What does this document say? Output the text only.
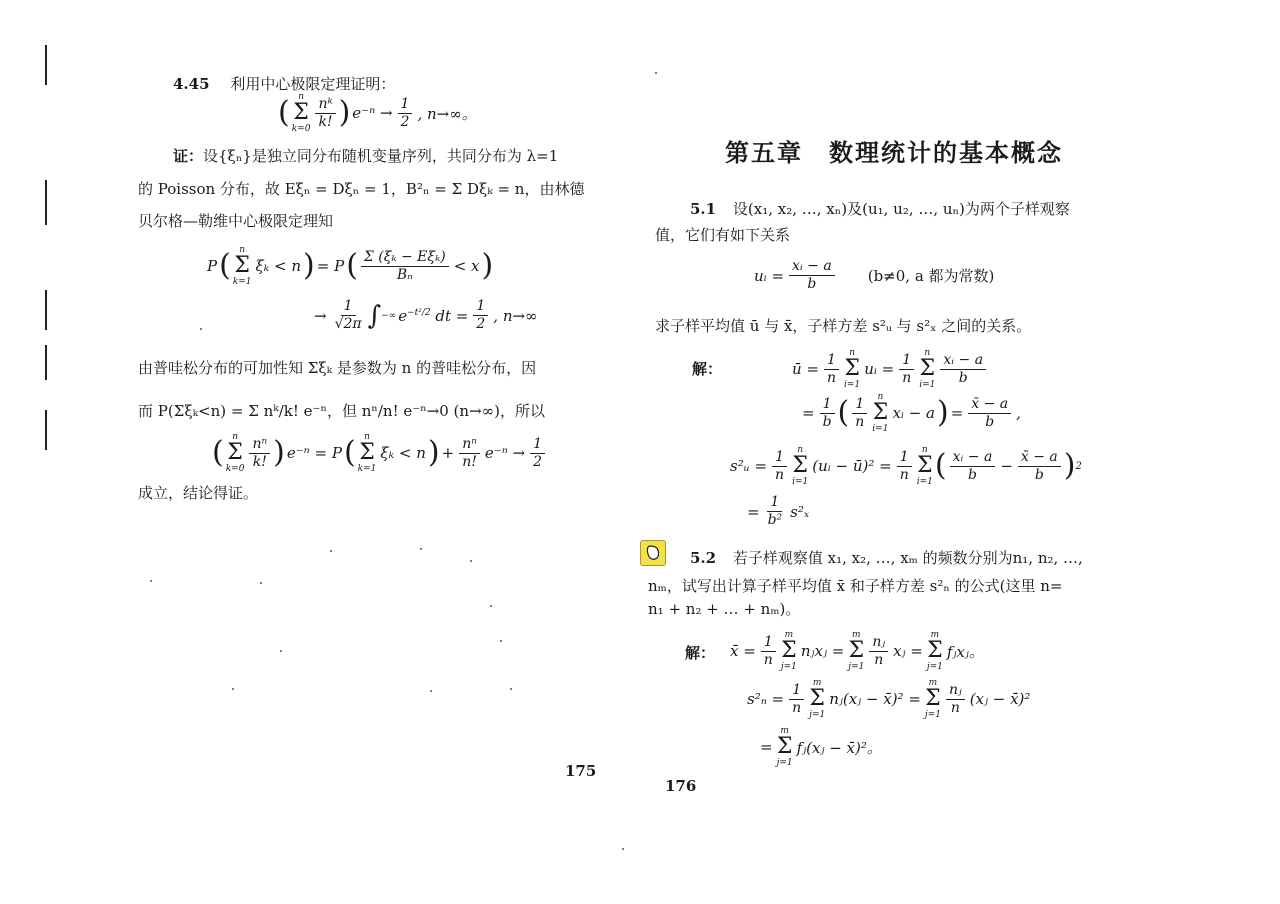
4.45 利用中心极限定理证明：
( n
Σ
$k=0 \frac{\text{nᵏ}}{k!}$ ) $e^{-n} \to \frac{1}{2}$ , n→∞。
证：设{ξₙ}是独立同分布随机变量序列，共同分布为 λ=1
的 Poisson 分布，故 Eξₙ = Dξₙ = 1，B²ₙ = Σ Dξₖ = n，由林德
贝尔格—勒维中心极限定理知
P ( n
Σ
k=1
ξₖ < n ) = P ( $\frac{\text{Σ (ξₖ − Eξₖ)}}{\text{Bₙ}} < x$ )
→ $\frac{1}{√2\pi}$ ∫ −∞ $e^{-t^2/2}$ dt = $\frac{1}{2}$ , n→∞
由普哇松分布的可加性知 Σξₖ 是参数为 n 的普哇松分布，因
而 P(Σξₖ<n) = Σ nᵏ/k! e⁻ⁿ，但 nⁿ/n! e⁻ⁿ→0 (n→∞)，所以
( n
Σ
$k=0 \frac{\text{nⁿ}}{k!}$ ) e⁻ⁿ = P ( n
Σ
k=1
ξₖ < n ) + $\frac{\text{nⁿ}}{n!} e^{-n} \to \frac{1}{2}$
成立，结论得证。
175
第五章　数理统计的基本概念
5.1 设(x₁, x₂, …, xₙ)及(u₁, u₂, …, uₙ)为两个子样观察
值，它们有如下关系
uᵢ = $\frac{\text{xᵢ − a}}{b} (b\ne 0$, a 都为常数)
求子样平均值 ū 与 x̄，子样方差 s²ᵤ 与 s²ₓ 之间的关系。
解：	ū = $\frac{1}{n}$ n
Σ
i=1
uᵢ = $\frac{1}{n}$ n
Σ
$i=1 \frac{\text{xᵢ − a}}{b}$
= $\frac{1}{b}$ ( $\frac{1}{n}$ n
Σ
i=1
xᵢ − a ) = $\frac{x̄ - a}{b}$ ,
s²ᵤ = $\frac{1}{n}$ n
Σ
i=1
(uᵢ − ū)² = $\frac{1}{n}$ n
Σ
i=1 ( $\frac{\text{xᵢ − a}}{b} - \frac{x̄ - a}{b}$ ) 2
= $\frac{1}{\text{b²}} s^2_x$
5.2 若子样观察值 x₁, x₂, …, xₘ 的频数分别为n₁, n₂, …,
nₘ，试写出计算子样平均值 x̄ 和子样方差 s²ₙ 的公式(这里 n=
n₁ + n₂ + … + nₘ)。
解： x̄ = $\frac{1}{n}$ m
Σ
j=1
nⱼxⱼ =
m
Σ
$j=1 \frac{\text{nⱼ}}{n}$ xⱼ =
m
Σ
j=1
fⱼxⱼ。
$s^2_n = \frac{1}{n}$ m
Σ
j=1
nⱼ(xⱼ − x̄)² =
m
Σ
$j=1 \frac{\text{nⱼ}}{n}$ (xⱼ − x̄)²
=
m
Σ
j=1
fⱼ(xⱼ − x̄)²。
176
